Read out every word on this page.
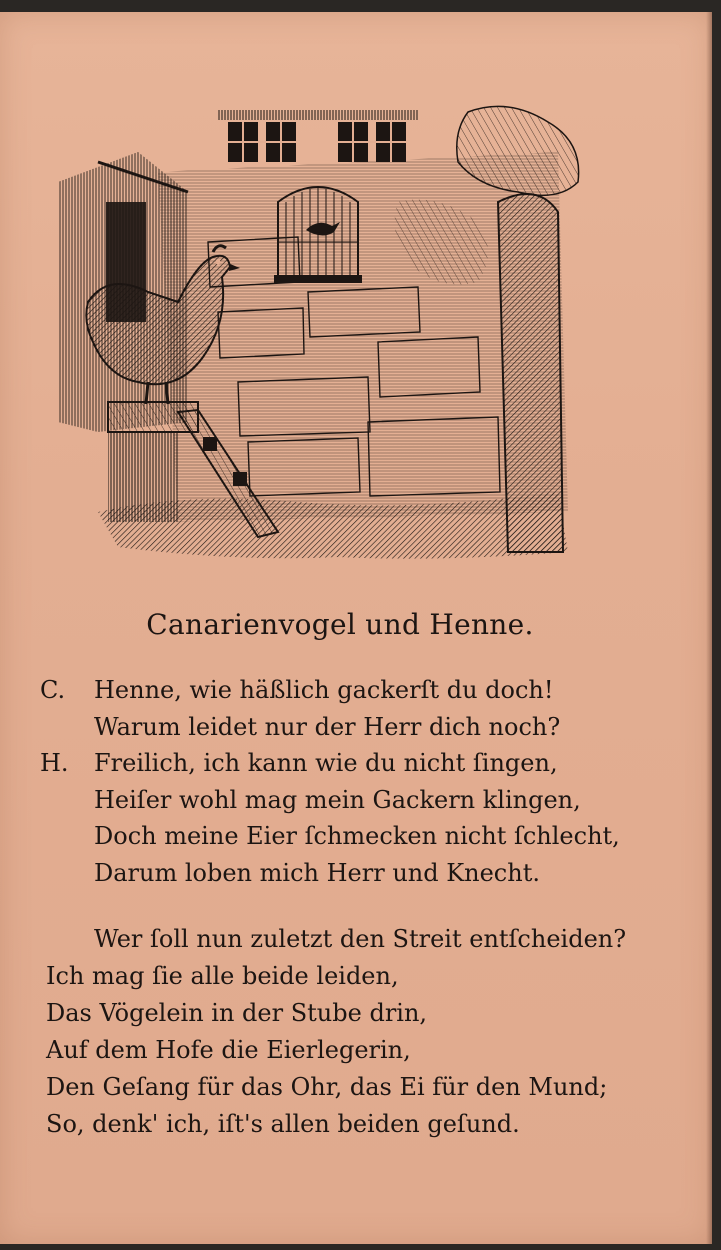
Canarienvogel und Henne.
C. Henne, wie häßlich gackerſt du doch!
Warum leidet nur der Herr dich noch?
H. Freilich, ich kann wie du nicht ſingen,
Heiſer wohl mag mein Gackern klingen,
Doch meine Eier ſchmecken nicht ſchlecht,
Darum loben mich Herr und Knecht.
Wer ſoll nun zuletzt den Streit entſcheiden?
Ich mag ſie alle beide leiden,
Das Vögelein in der Stube drin,
Auf dem Hofe die Eierlegerin,
Den Geſang für das Ohr, das Ei für den Mund;
So, denk' ich, iſt's allen beiden geſund.
